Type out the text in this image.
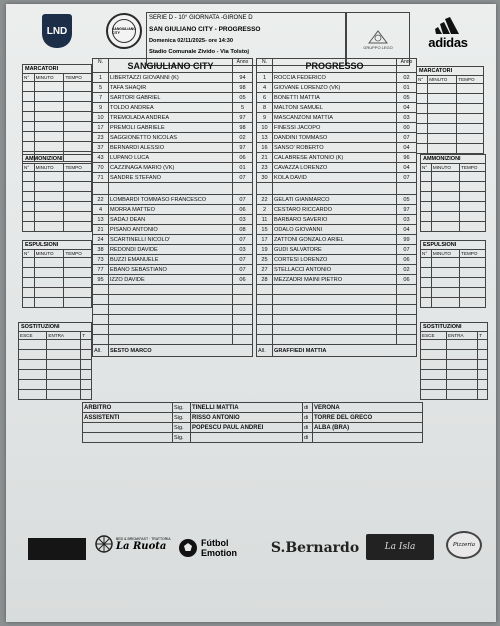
LND	SANGIULIANO CITY
SERIE D - 10° GIORNATA -GIRONE D
SAN GIULIANO CITY - PROGRESSO
Domenica 02/11/2025- ore 14:30
Stadio Comunale Zivido - Via Tolstoj
GRUPPO LEGO	adidas
MARCATORI
N°	MINUTO	TEMPO

AMMONIZIONI
N°	MINUTO	TEMPO

ESPULSIONI
N°	MINUTO	TEMPO

SOSTITUZIONI
ESCE	ENTRA	T

MARCATORI
N°	MINUTO	TEMPO

AMMONIZIONI
N°	MINUTO	TEMPO

ESPULSIONI
N°	MINUTO	TEMPO

SOSTITUZIONI
ESCE	ENTRA	T

N.	SANGIULIANO CITY	Anno
1	LIBERTAZZI GIOVANNI (K)	94
5	TAFA SHAQIR	98
7	SARTORI GABRIEL	05
9	TOLDO ANDREA	5
10	TREMOLADA ANDREA	97
17	PREMOLI GABRIELE	98
23	SAGGIONETTO NICOLAS	02
37	BERNARDI ALESSIO	97
43	LUPANO LUCA	06
70	CAZZINAGA MARIO (VK)	01
71	SANDRE STEFANO	07

22	LOMBARDI TOMMASO FRANCESCO	07
4	MORRA MATTEO	06
13	SADAJ DEAN	03
21	PISANO ANTONIO	08
24	SCARTINELLI NICOLO'	07
38	REDONDI DAVIDE	03
73	BUZZI EMANUELE	07
77	EBANO SEBASTIANO	07
95	IZZO DAVIDE	06

All.	SESTO MARCO	
N.	PROGRESSO	Anno
1	ROCCIA FEDERICO	02
4	GIOVANE LORENZO (VK)	01
6	BONETTI MATTIA	05
8	MALTONI SAMUEL	04
9	MASCANZONI MATTIA	03
10	FINESSI JACOPO	00
13	DANDINI TOMMASO	07
16	SANSO' ROBERTO	04
21	CALABRESE ANTONIO (K)	96
23	CAVAZZA LORENZO	04
30	KOLA DAVID	07

22	GELATI GIANMARCO	05
2	CESTARO RICCARDO	97
11	BARBARO SAVERIO	03
15	ODALO GIOVANNI	04
17	ZATTONI GONZALO ARIEL	99
19	GUDI SALVATORE	07
25	CORTESI LORENZO	06
27	STELLACCI ANTONIO	02
28	MEZZADRI MAINI PIETRO	06

All.	GRAFFIEDI MATTIA	
ARBITRO	Sig.	TINELLI MATTIA	di	VERONA
ASSISTENTI	Sig.	RISSO ANTONIO	di	TORRE DEL GRECO
	Sig.	POPESCU PAUL ANDREI	di	ALBA (BRA)
	Sig.		di	
BED & BREAKFAST · TRATTORIA
La Ruota	Fútbol
Emotion S.Bernardo	La Isla	Pizzeria
